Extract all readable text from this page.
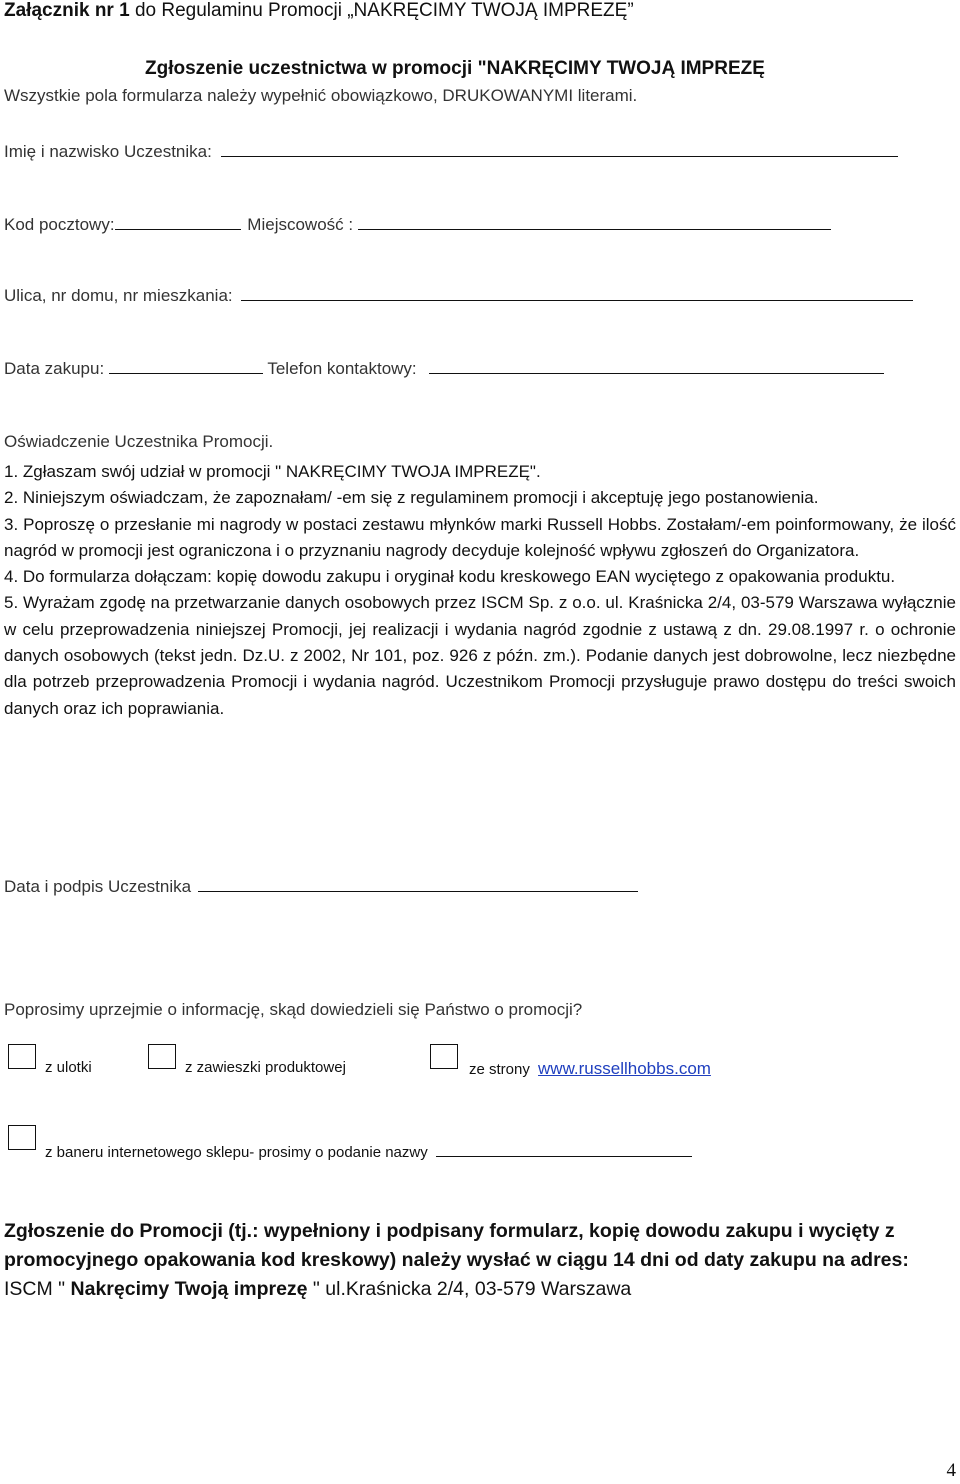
Załącznik nr 1 do Regulaminu Promocji „NAKRĘCIMY TWOJĄ IMPREZĘ”
Zgłoszenie uczestnictwa w promocji "NAKRĘCIMY TWOJĄ IMPREZĘ
Wszystkie pola formularza należy wypełnić obowiązkowo, DRUKOWANYMI literami.
Imię i nazwisko Uczestnika:
Kod pocztowy:	Miejscowość :
Ulica, nr domu, nr mieszkania:
Data zakupu:	Telefon kontaktowy:
Oświadczenie Uczestnika Promocji.

1. Zgłaszam swój udział w promocji " NAKRĘCIMY TWOJA IMPREZĘ".

2. Niniejszym oświadczam, że zapoznałam/ -em się z regulaminem promocji i akceptuję jego postanowienia.

3. Poproszę o przesłanie mi nagrody w postaci zestawu młynków marki Russell Hobbs. Zostałam/-em poinformowany, że ilość nagród w promocji jest ograniczona i o przyznaniu nagrody decyduje kolejność wpływu zgłoszeń do Organizatora.

4. Do formularza dołączam: kopię dowodu zakupu i oryginał kodu kreskowego EAN wyciętego z opakowania produktu.

5. Wyrażam zgodę na przetwarzanie danych osobowych przez ISCM Sp. z o.o. ul. Kraśnicka 2/4, 03-579 Warszawa wyłącznie w celu przeprowadzenia niniejszej Promocji, jej realizacji i wydania nagród zgodnie z ustawą z dn. 29.08.1997 r. o ochronie danych osobowych (tekst jedn. Dz.U. z 2002, Nr 101, poz. 926 z późn. zm.). Podanie danych jest dobrowolne, lecz niezbędne dla potrzeb przeprowadzenia Promocji i wydania nagród. Uczestnikom Promocji przysługuje prawo dostępu do treści swoich danych oraz ich poprawiania.

Data i podpis Uczestnika
Poprosimy uprzejmie o informację, skąd dowiedzieli się Państwo o promocji?
z ulotki	z zawieszki produktowej	ze strony www.russellhobbs.com
z baneru internetowego sklepu- prosimy o podanie nazwy
Zgłoszenie do Promocji (tj.: wypełniony i podpisany formularz, kopię dowodu zakupu i wycięty z promocyjnego opakowania kod kreskowy) należy wysłać w ciągu 14 dni od daty zakupu na adres:
ISCM " Nakręcimy Twoją imprezę " ul.Kraśnicka 2/4, 03-579 Warszawa
4
